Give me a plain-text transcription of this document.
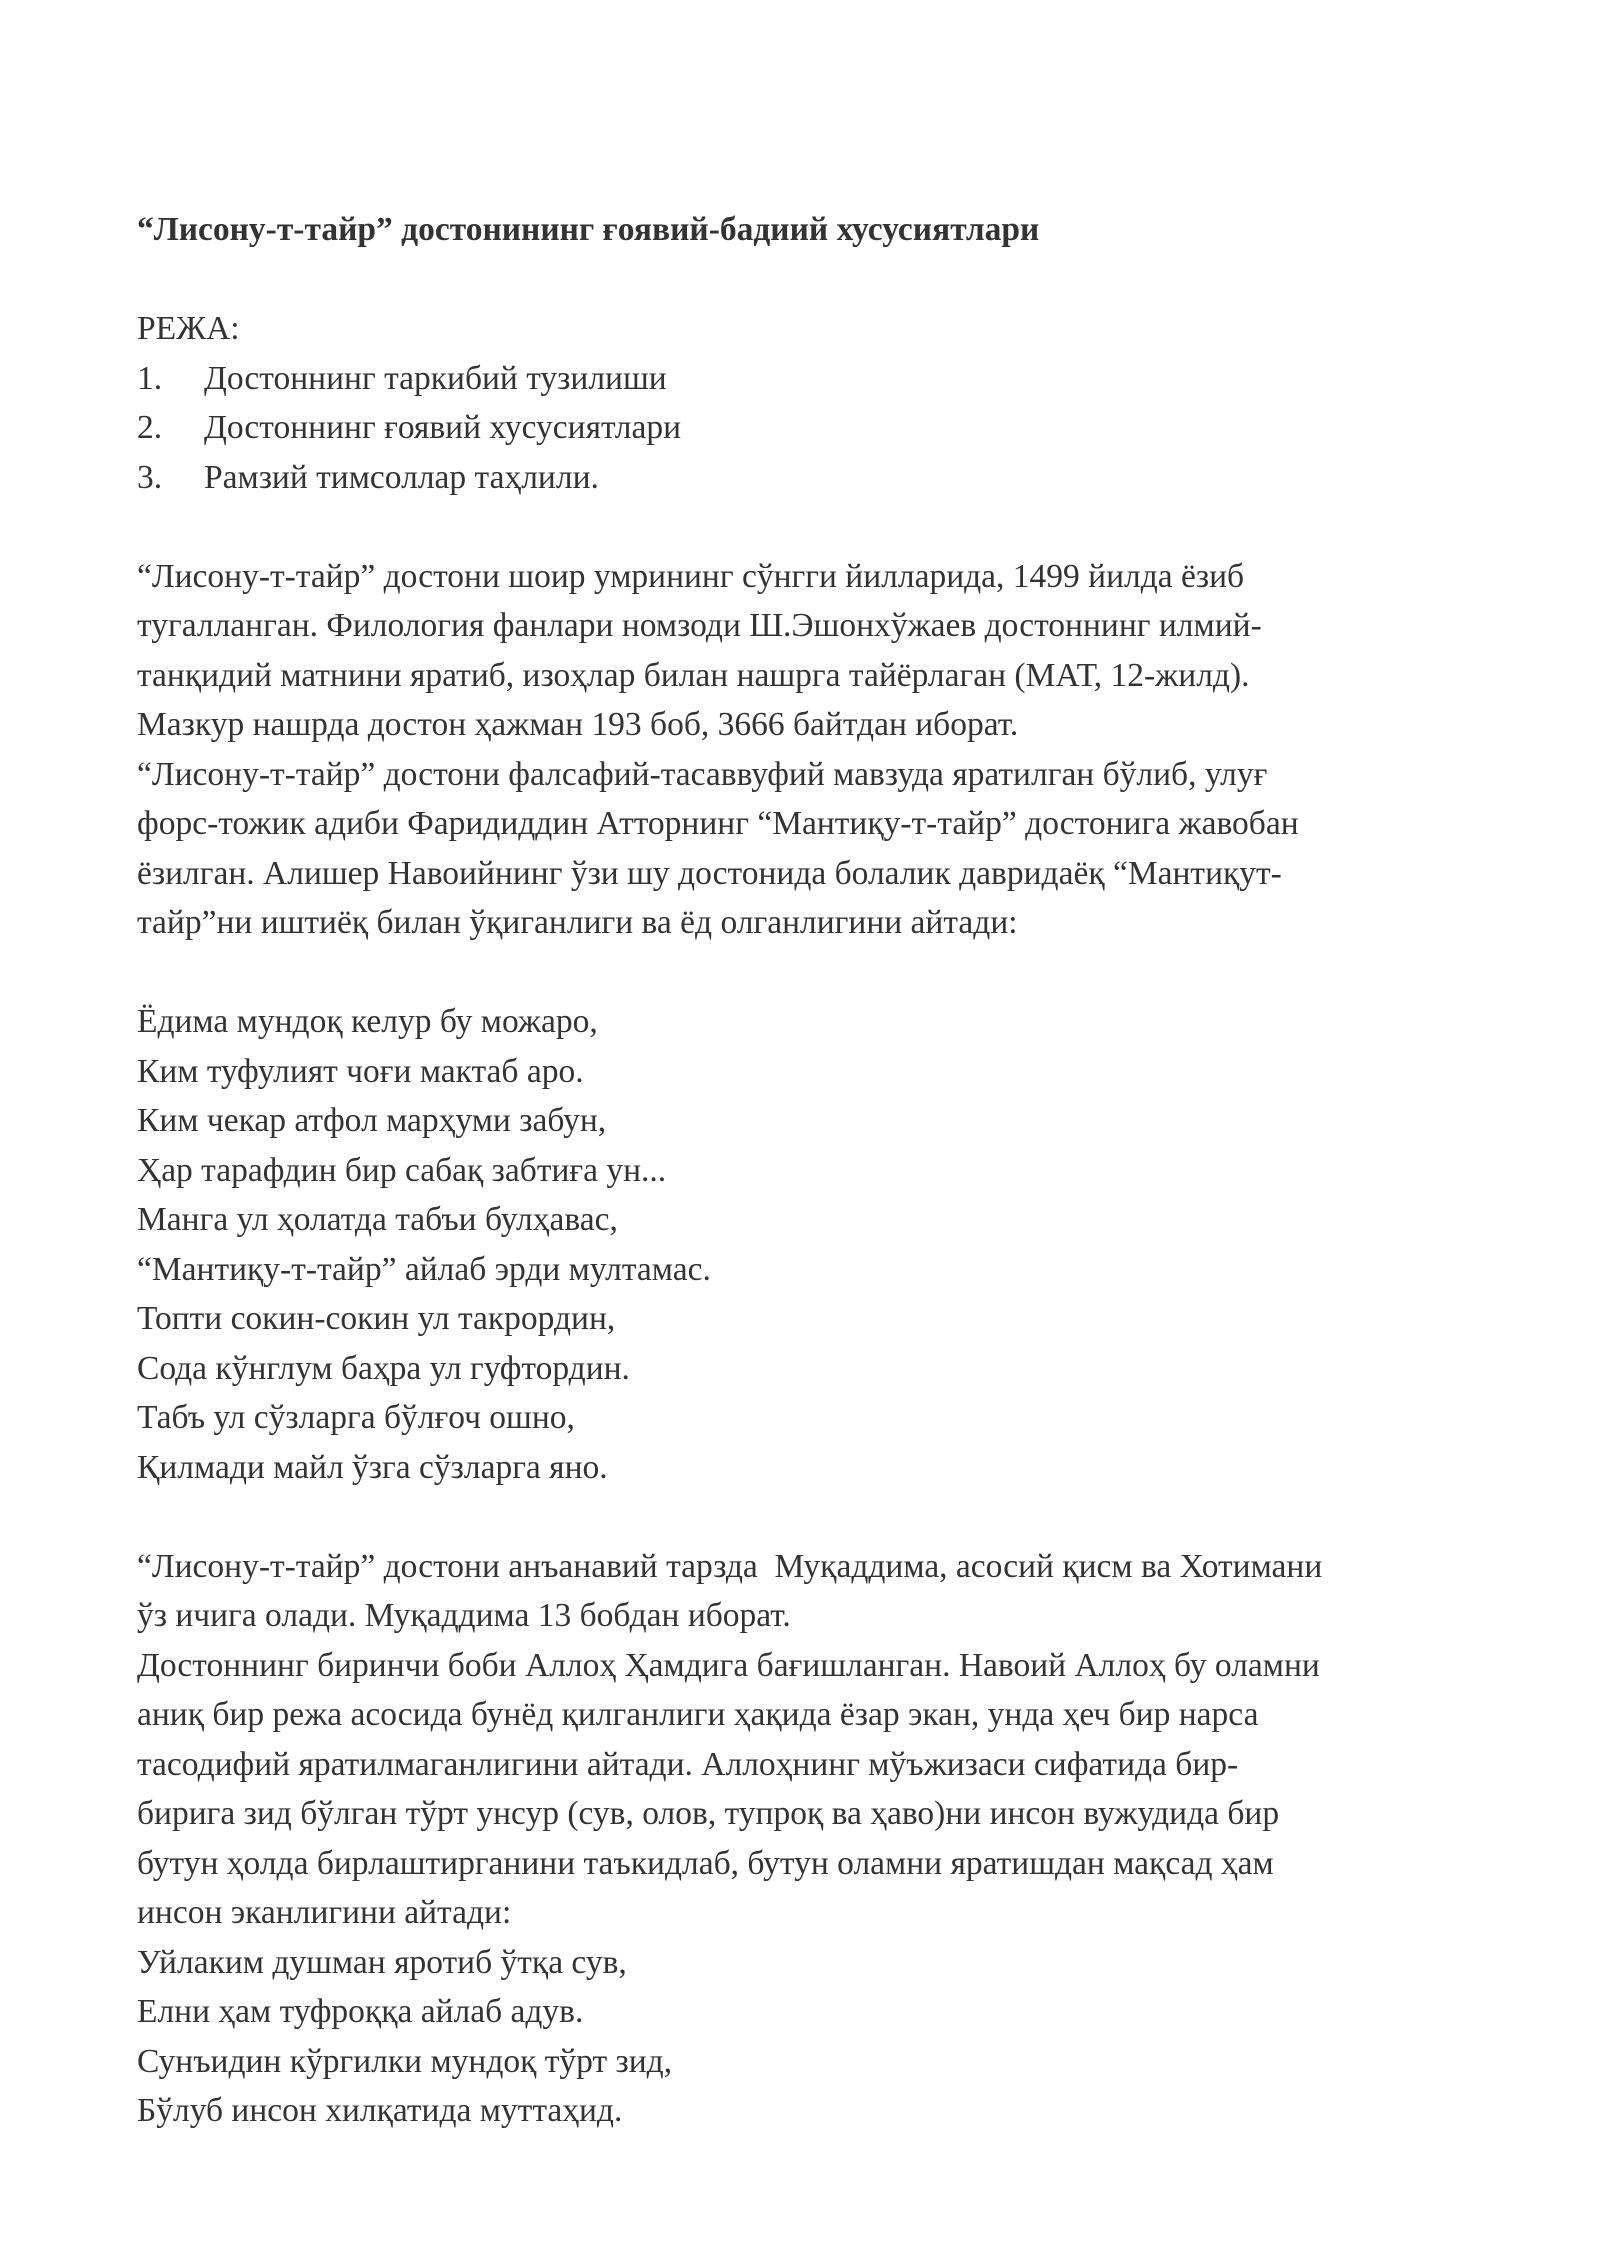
“Лисону-т-тайр” достонининг ғоявий-бадиий хусусиятлари

РЕЖА:

1.	Достоннинг таркибий тузилиши
2.	Достоннинг ғоявий хусусиятлари
3.	Рамзий тимсоллар таҳлили.

“Лисону-т-тайр” достони шоир умрининг сўнгги йилларида, 1499 йилда ёзиб

тугалланган. Филология фанлари номзоди Ш.Эшонхўжаев достоннинг илмий-

танқидий матнини яратиб, изоҳлар билан нашрга тайёрлаган (МАТ, 12-жилд).

Мазкур нашрда достон ҳажман 193 боб, 3666 байтдан иборат.

“Лисону-т-тайр” достони фалсафий-тасаввуфий мавзуда яратилган бўлиб, улуғ

форс-тожик адиби Фаридиддин Атторнинг “Мантиқу-т-тайр” достонига жавобан

ёзилган. Алишер Навоийнинг ўзи шу достонида болалик давридаёқ “Мантиқут-

тайр”ни иштиёқ билан ўқиганлиги ва ёд олганлигини айтади:

Ёдима мундоқ келур бу можаро,

Ким туфулият чоғи мактаб аро.

Ким чекар атфол марҳуми забун,

Ҳар тарафдин бир сабақ забтиға ун...

Манга ул ҳолатда табъи булҳавас,

“Мантиқу-т-тайр” айлаб эрди мултамас.

Топти сокин-сокин ул такрордин,

Сода кўнглум баҳра ул гуфтордин.

Табъ ул сўзларга бўлғоч ошно,

Қилмади майл ўзга сўзларга яно.

“Лисону-т-тайр” достони анъанавий тарзда  Муқаддима, асосий қисм ва Хотимани

ўз ичига олади. Муқаддима 13 бобдан иборат.

Достоннинг биринчи боби Аллоҳ Ҳамдига бағишланган. Навоий Аллоҳ бу оламни

аниқ бир режа асосида бунёд қилганлиги ҳақида ёзар экан, унда ҳеч бир нарса

тасодифий яратилмаганлигини айтади. Аллоҳнинг мўъжизаси сифатида бир-

бирига зид бўлган тўрт унсур (сув, олов, тупроқ ва ҳаво)ни инсон вужудида бир

бутун ҳолда бирлаштирганини таъкидлаб, бутун оламни яратишдан мақсад ҳам

инсон эканлигини айтади:

Уйлаким душман яротиб ўтқа сув,

Елни ҳам туфроққа айлаб адув.

Сунъидин кўргилки мундоқ тўрт зид,

Бўлуб инсон хилқатида муттаҳид.
